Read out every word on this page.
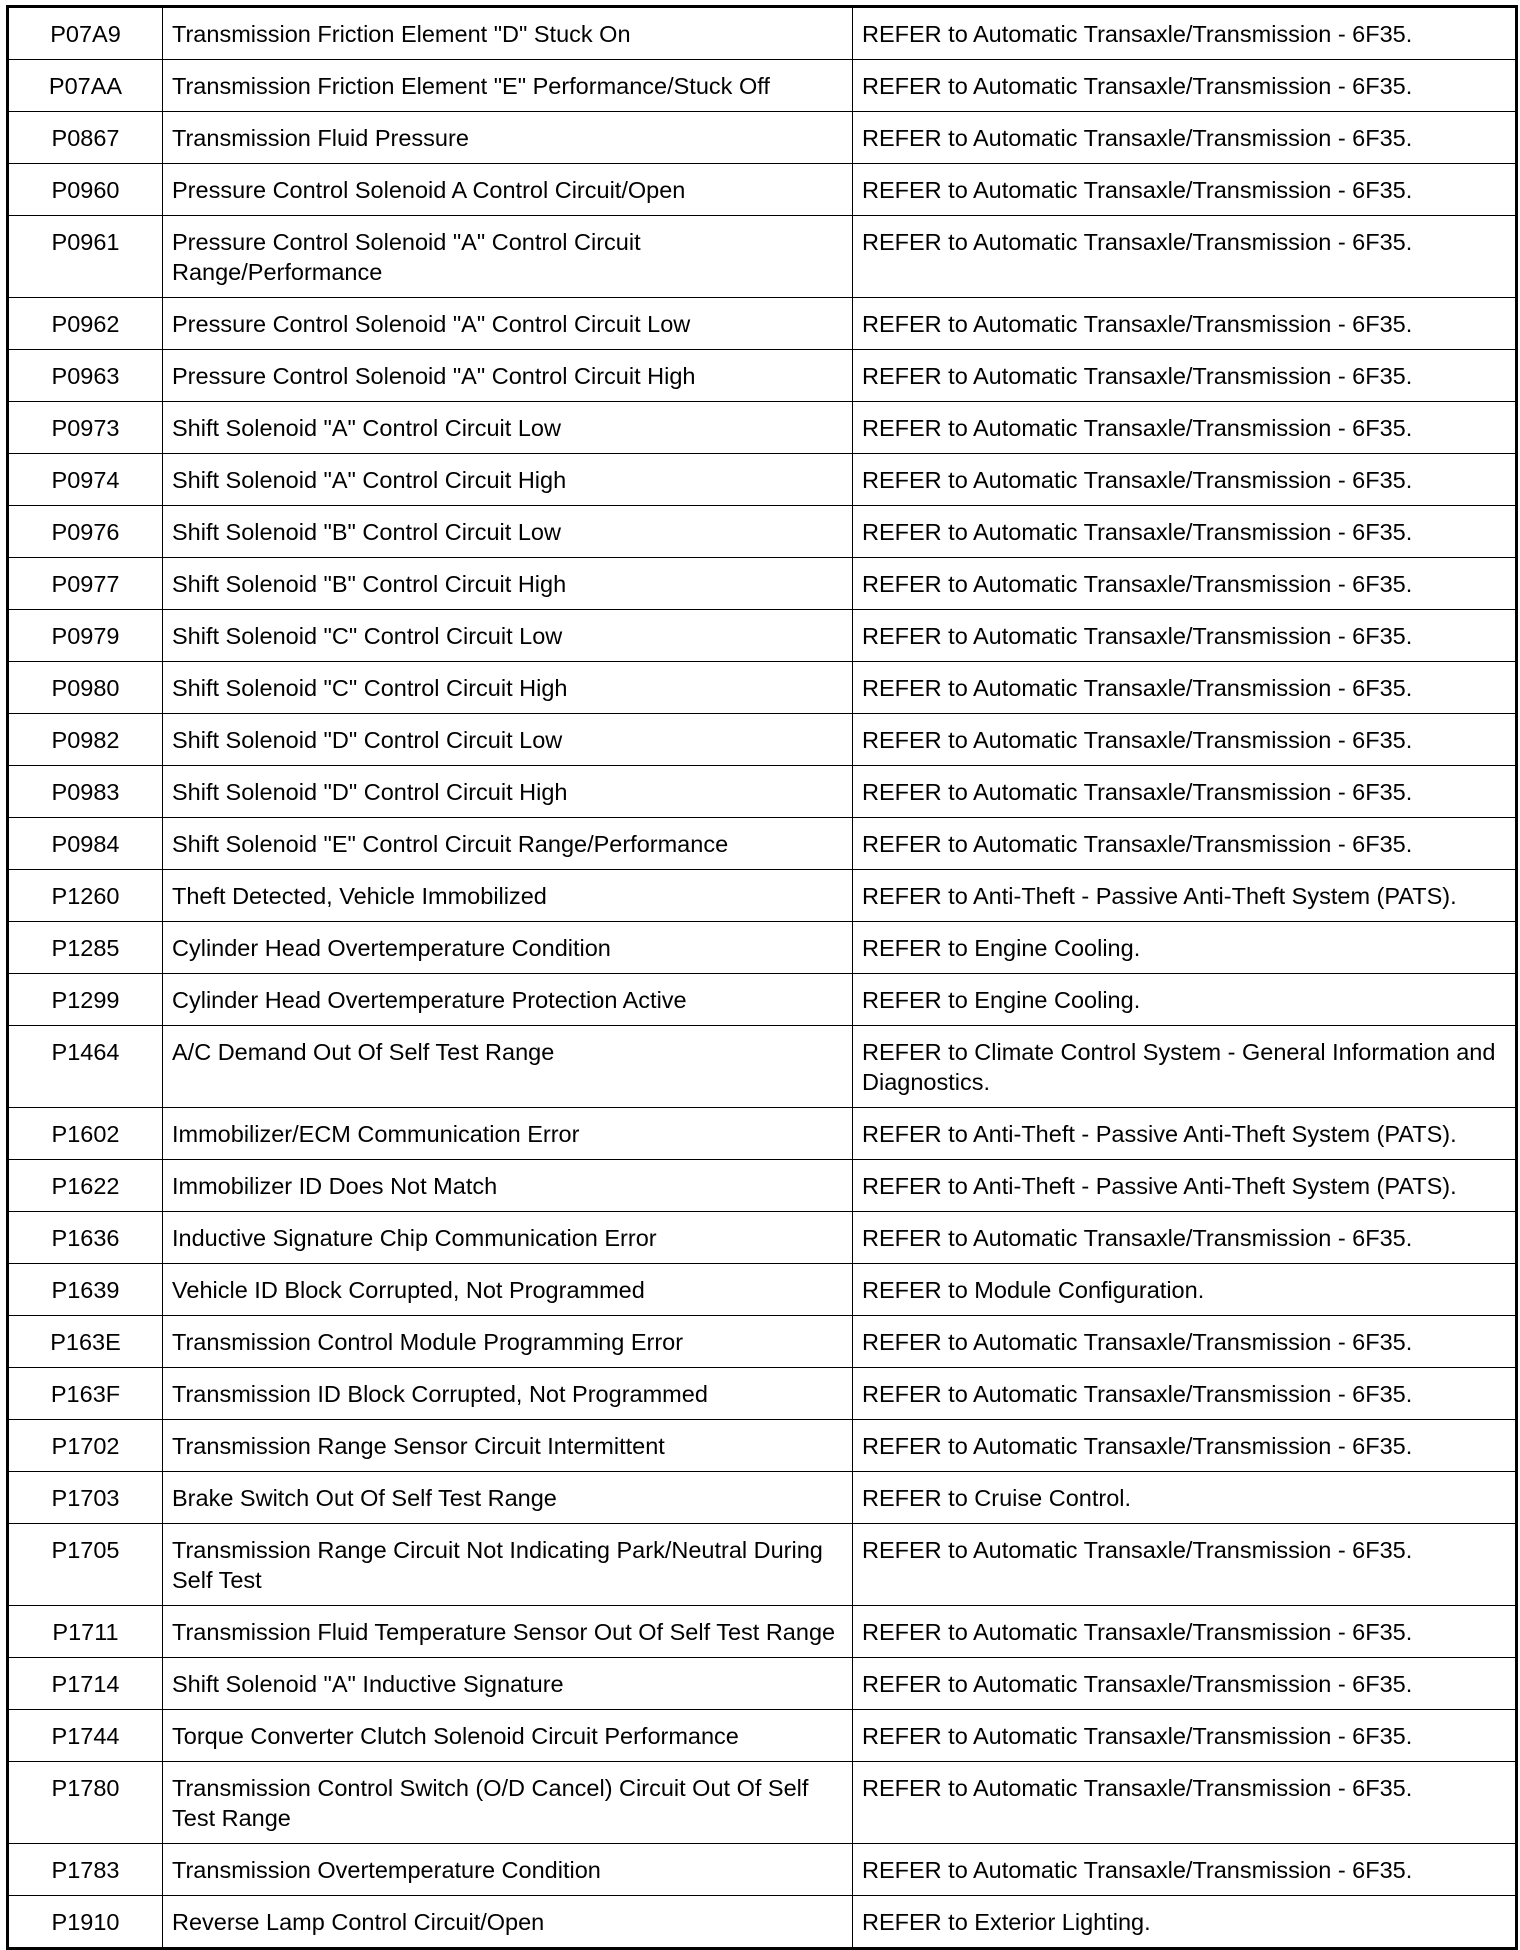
P07A9	Transmission Friction Element "D" Stuck On	REFER to Automatic Transaxle/Transmission - 6F35.
P07AA	Transmission Friction Element "E" Performance/Stuck Off	REFER to Automatic Transaxle/Transmission - 6F35.
P0867	Transmission Fluid Pressure	REFER to Automatic Transaxle/Transmission - 6F35.
P0960	Pressure Control Solenoid A Control Circuit/Open	REFER to Automatic Transaxle/Transmission - 6F35.
P0961	Pressure Control Solenoid "A" Control Circuit Range/Performance	REFER to Automatic Transaxle/Transmission - 6F35.
P0962	Pressure Control Solenoid "A" Control Circuit Low	REFER to Automatic Transaxle/Transmission - 6F35.
P0963	Pressure Control Solenoid "A" Control Circuit High	REFER to Automatic Transaxle/Transmission - 6F35.
P0973	Shift Solenoid "A" Control Circuit Low	REFER to Automatic Transaxle/Transmission - 6F35.
P0974	Shift Solenoid "A" Control Circuit High	REFER to Automatic Transaxle/Transmission - 6F35.
P0976	Shift Solenoid "B" Control Circuit Low	REFER to Automatic Transaxle/Transmission - 6F35.
P0977	Shift Solenoid "B" Control Circuit High	REFER to Automatic Transaxle/Transmission - 6F35.
P0979	Shift Solenoid "C" Control Circuit Low	REFER to Automatic Transaxle/Transmission - 6F35.
P0980	Shift Solenoid "C" Control Circuit High	REFER to Automatic Transaxle/Transmission - 6F35.
P0982	Shift Solenoid "D" Control Circuit Low	REFER to Automatic Transaxle/Transmission - 6F35.
P0983	Shift Solenoid "D" Control Circuit High	REFER to Automatic Transaxle/Transmission - 6F35.
P0984	Shift Solenoid "E" Control Circuit Range/Performance	REFER to Automatic Transaxle/Transmission - 6F35.
P1260	Theft Detected, Vehicle Immobilized	REFER to Anti-Theft - Passive Anti-Theft System (PATS).
P1285	Cylinder Head Overtemperature Condition	REFER to Engine Cooling.
P1299	Cylinder Head Overtemperature Protection Active	REFER to Engine Cooling.
P1464	A/C Demand Out Of Self Test Range	REFER to Climate Control System - General Information and Diagnostics.
P1602	Immobilizer/ECM Communication Error	REFER to Anti-Theft - Passive Anti-Theft System (PATS).
P1622	Immobilizer ID Does Not Match	REFER to Anti-Theft - Passive Anti-Theft System (PATS).
P1636	Inductive Signature Chip Communication Error	REFER to Automatic Transaxle/Transmission - 6F35.
P1639	Vehicle ID Block Corrupted, Not Programmed	REFER to Module Configuration.
P163E	Transmission Control Module Programming Error	REFER to Automatic Transaxle/Transmission - 6F35.
P163F	Transmission ID Block Corrupted, Not Programmed	REFER to Automatic Transaxle/Transmission - 6F35.
P1702	Transmission Range Sensor Circuit Intermittent	REFER to Automatic Transaxle/Transmission - 6F35.
P1703	Brake Switch Out Of Self Test Range	REFER to Cruise Control.
P1705	Transmission Range Circuit Not Indicating Park/Neutral During Self Test	REFER to Automatic Transaxle/Transmission - 6F35.
P1711	Transmission Fluid Temperature Sensor Out Of Self Test Range	REFER to Automatic Transaxle/Transmission - 6F35.
P1714	Shift Solenoid "A" Inductive Signature	REFER to Automatic Transaxle/Transmission - 6F35.
P1744	Torque Converter Clutch Solenoid Circuit Performance	REFER to Automatic Transaxle/Transmission - 6F35.
P1780	Transmission Control Switch (O/D Cancel) Circuit Out Of Self Test Range	REFER to Automatic Transaxle/Transmission - 6F35.
P1783	Transmission Overtemperature Condition	REFER to Automatic Transaxle/Transmission - 6F35.
P1910	Reverse Lamp Control Circuit/Open	REFER to Exterior Lighting.
